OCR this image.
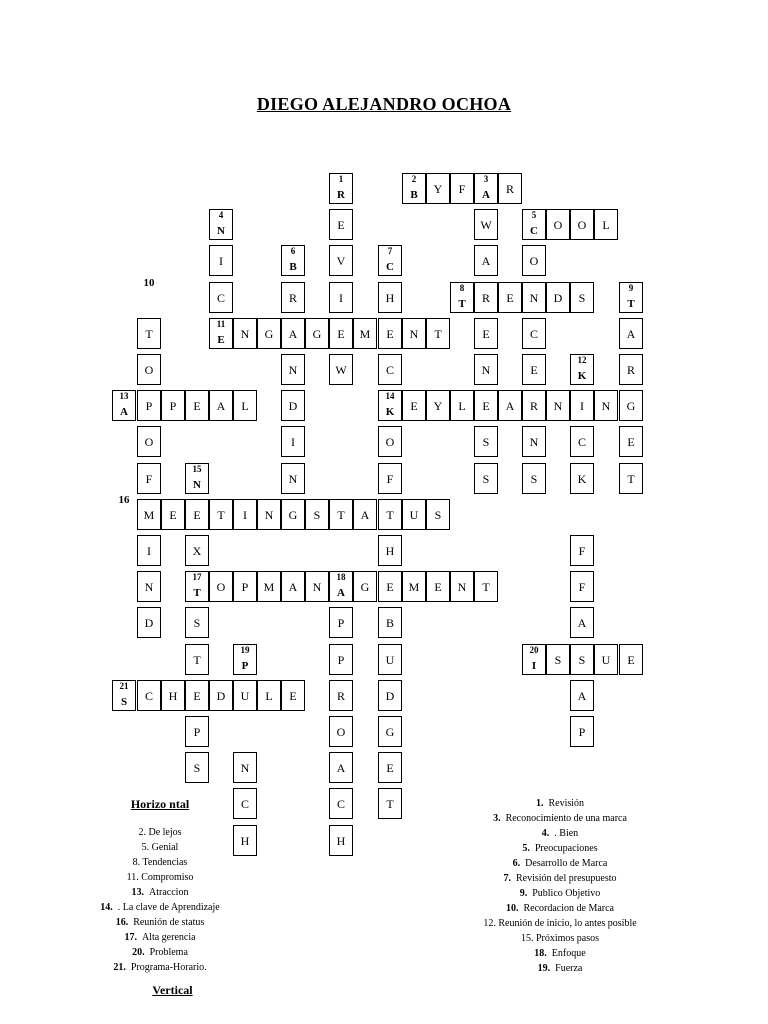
DIEGO ALEJANDRO OCHOA
1
R
2
B	Y F
3
A	R
4
N	E	W
5
C	O O L
I
6
B	V
7
C	A	O
C	R	I	H
8
T	R E N D S
9
T
T
11
E	N G A G E M E N T	E	C	A
O	N	W	C	N	E
12
K	R
13
A	P P E A L	D
14
K	E Y L E A R N I N G
O	I	O	S	N	C	E
F
15
N	N	F	S	S	K	T
M E E T I N G S T A T U S
I	X	H	F
N
17
T	O P M A N
18
A	G E M E N T	F
D	S	P	B	A
T
19
P	P	U
20
I	S S U E
21
S	C H E D U L E	R	D	A
P	O	G	P
S	N	A	E
C	C	T
H	H
10
16
Horizo ntal
2. De lejos
5. Genial
8. Tendencias
11. Compromiso
13. Atraccion
14. . La clave de Aprendizaje
16. Reunión de status
17. Alta gerencia
20. Problema
21. Programa-Horario.
1. Revisión
3. Reconocimiento de una marca
4. . Bien
5. Preocupaciones
6. Desarrollo de Marca
7. Revisión del presupuesto
9. Publico Objetivo
10. Recordacion de Marca
12. Reunión de inicio, lo antes posible
15. Próximos pasos
18. Enfoque
19. Fuerza
Vertical
